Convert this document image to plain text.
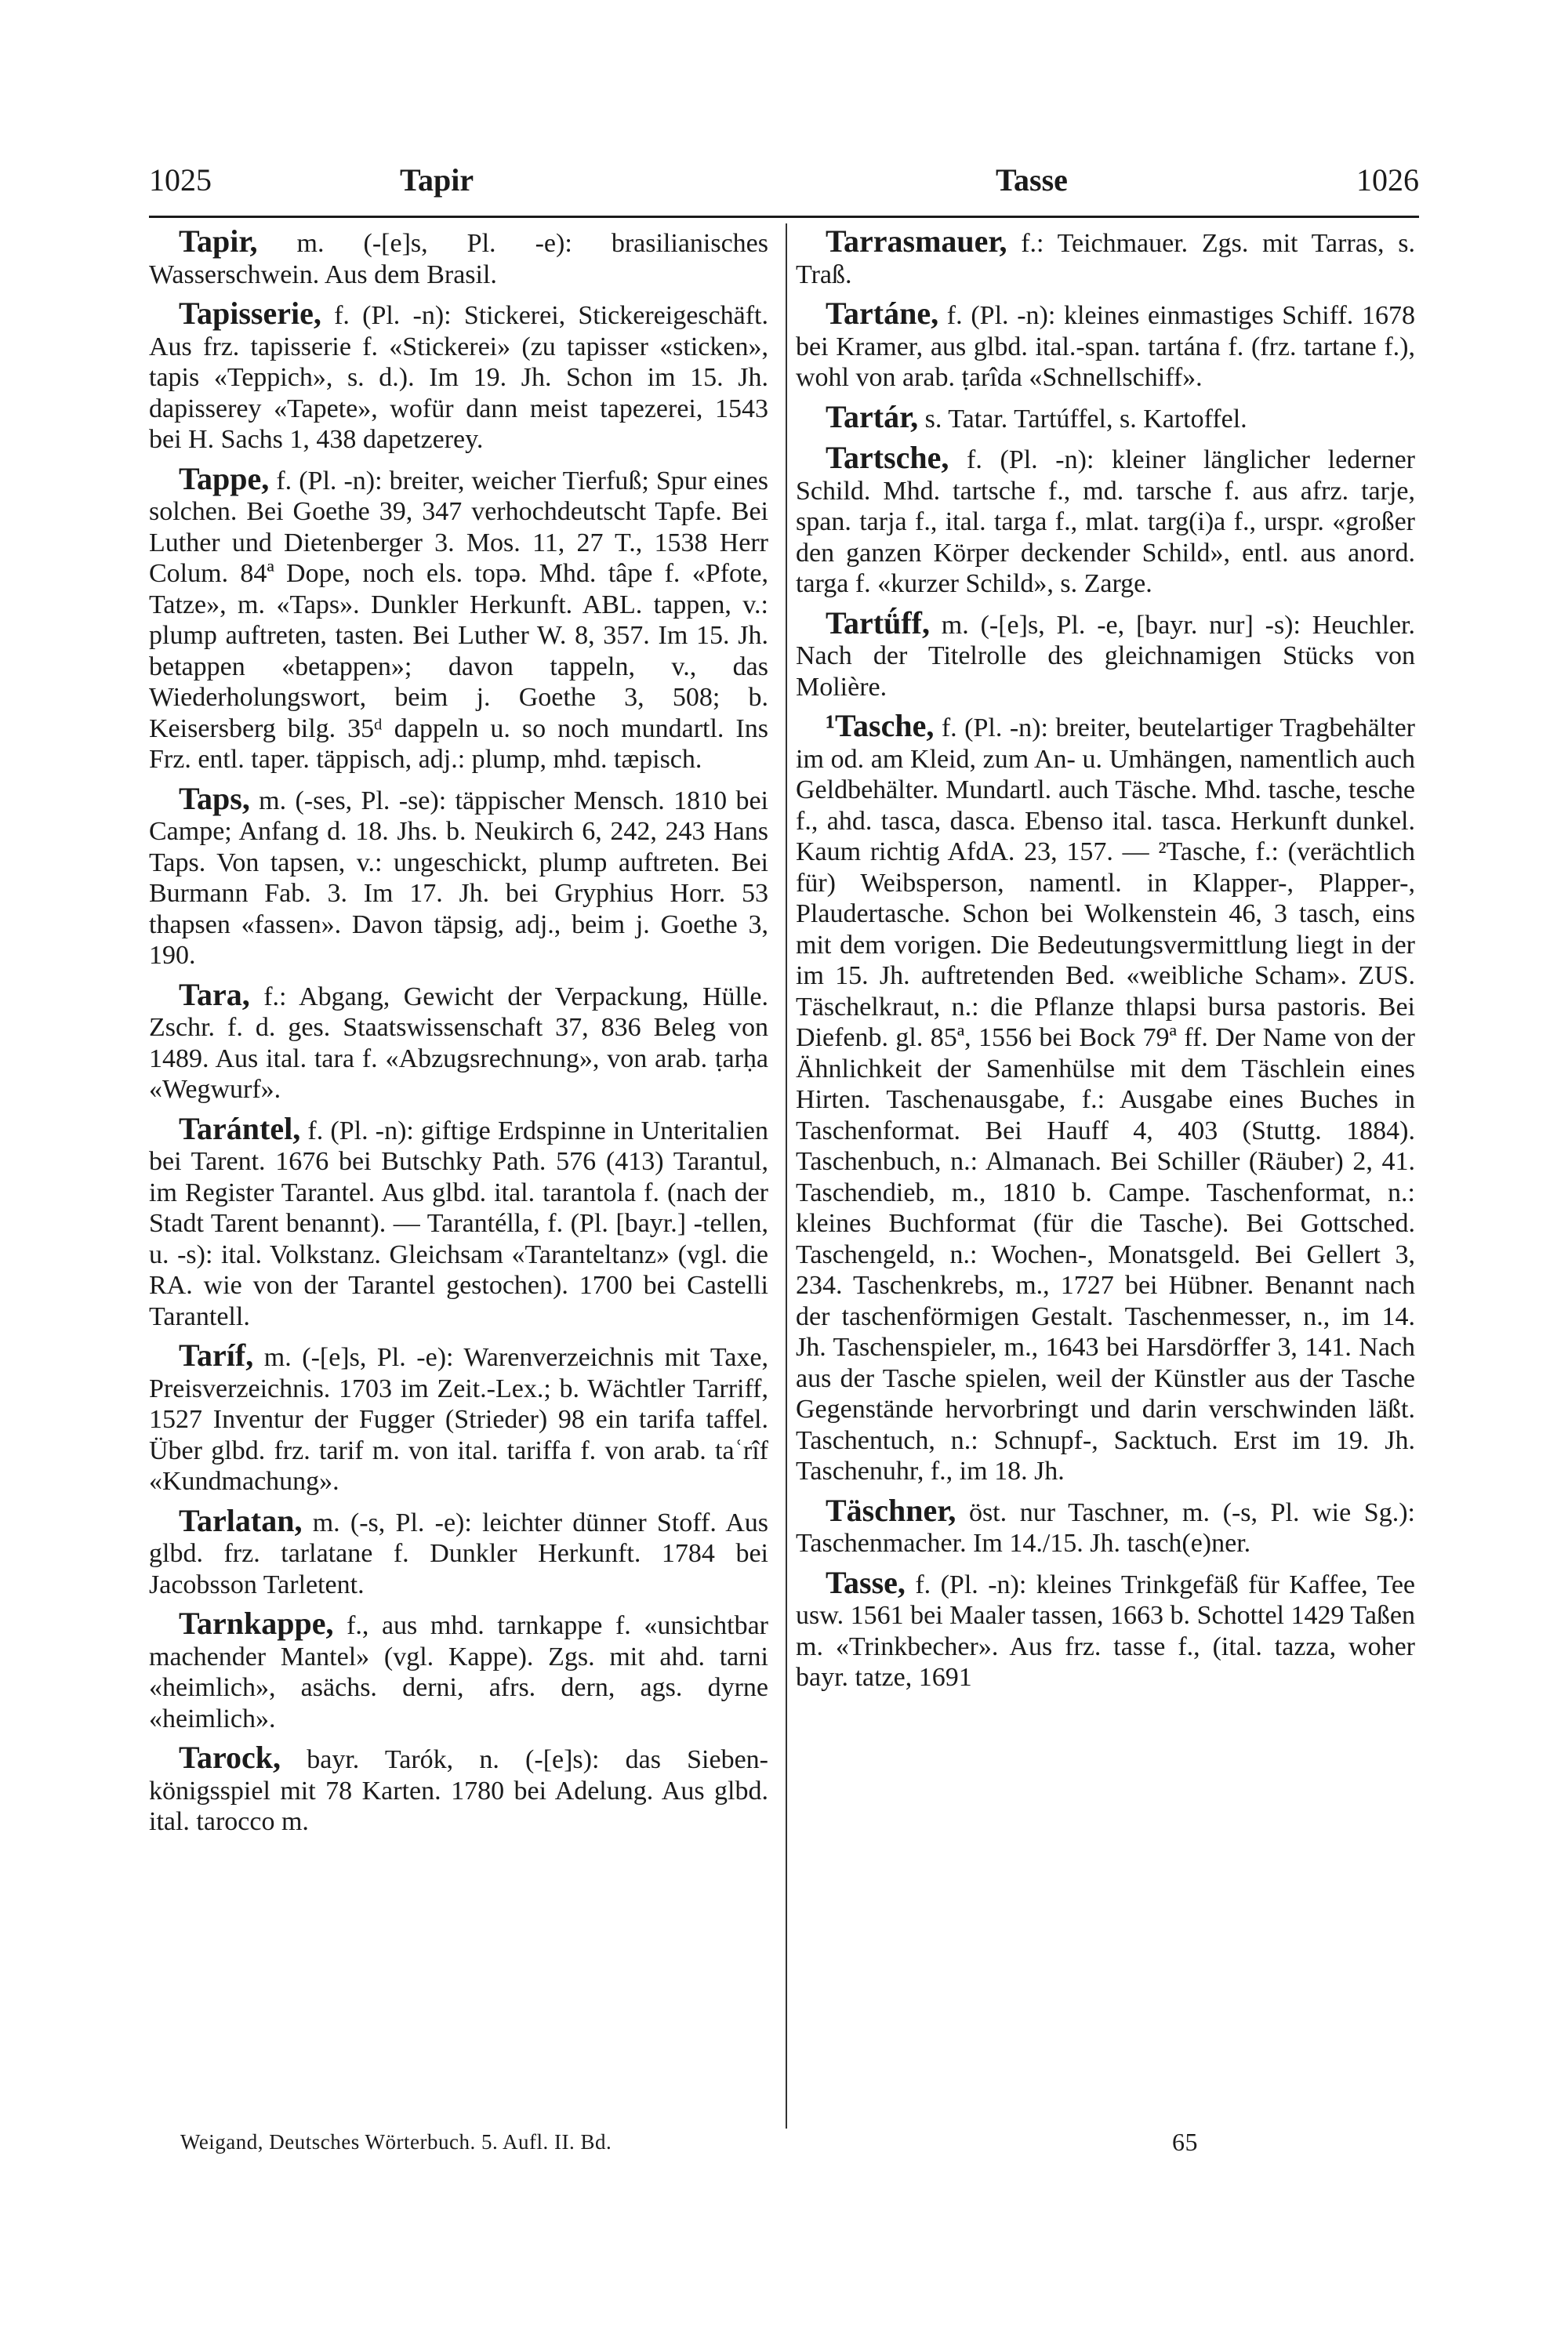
1025	Tapir	Tasse	1026

Tapir, m. (-[e]s, Pl. -e): brasilianisches Wasserschwein. Aus dem Brasil.

Tapisserie, f. (Pl. -n): Stickerei, Stickereigeschäft. Aus frz. tapisserie f. «Stickerei» (zu tapisser «sticken», tapis «Teppich», s. d.). Im 19. Jh. Schon im 15. Jh. dapisserey «Tapete», wofür dann meist tapezerei, 1543 bei H. Sachs 1, 438 dapetzerey.

Tappe, f. (Pl. -n): breiter, weicher Tierfuß; Spur eines solchen. Bei Goethe 39, 347 verhochdeutscht Tapfe. Bei Luther und Dietenberger 3. Mos. 11, 27 T., 1538 Herr Colum. 84ª Dope, noch els. topə. Mhd. tâpe f. «Pfote, Tatze», m. «Taps». Dunkler Herkunft. ABL. tappen, v.: plump auftreten, tasten. Bei Luther W. 8, 357. Im 15. Jh. betappen «betappen»; davon tappeln, v., das Wiederholungswort, beim j. Goethe 3, 508; b. Keisersberg bilg. 35ᵈ dappeln u. so noch mundartl. Ins Frz. entl. taper. täppisch, adj.: plump, mhd. tæpisch.

Taps, m. (-ses, Pl. -se): täppischer Mensch. 1810 bei Campe; Anfang d. 18. Jhs. b. Neukirch 6, 242, 243 Hans Taps. Von tapsen, v.: ungeschickt, plump auftreten. Bei Burmann Fab. 3. Im 17. Jh. bei Gryphius Horr. 53 thapsen «fassen». Davon täpsig, adj., beim j. Goethe 3, 190.

Tara, f.: Abgang, Gewicht der Verpackung, Hülle. Zschr. f. d. ges. Staatswissenschaft 37, 836 Beleg von 1489. Aus ital. tara f. «Abzugsrechnung», von arab. ṭarḥa «Wegwurf».

Tarántel, f. (Pl. -n): giftige Erdspinne in Unteritalien bei Tarent. 1676 bei Butschky Path. 576 (413) Tarantul, im Register Tarantel. Aus glbd. ital. tarantola f. (nach der Stadt Tarent benannt). — Tarantélla, f. (Pl. [bayr.] -tellen, u. -s): ital. Volkstanz. Gleichsam «Taranteltanz» (vgl. die RA. wie von der Tarantel gestochen). 1700 bei Castelli Tarantell.

Taríf, m. (-[e]s, Pl. -e): Warenverzeichnis mit Taxe, Preisverzeichnis. 1703 im Zeit.-Lex.; b. Wächtler Tarriff, 1527 Inventur der Fugger (Strieder) 98 ein tarifa taffel. Über glbd. frz. tarif m. von ital. tariffa f. von arab. taʿrîf «Kundmachung».

Tarlatan, m. (-s, Pl. -e): leichter dünner Stoff. Aus glbd. frz. tarlatane f. Dunkler Herkunft. 1784 bei Jacobsson Tarletent.

Tarnkappe, f., aus mhd. tarnkappe f. «unsichtbar machender Mantel» (vgl. Kappe). Zgs. mit ahd. tarni «heimlich», asächs. derni, afrs. dern, ags. dyrne «heimlich».

Tarock, bayr. Tarók, n. (-[e]s): das Sieben-königsspiel mit 78 Karten. 1780 bei Adelung. Aus glbd. ital. tarocco m.

Tarrasmauer, f.: Teichmauer. Zgs. mit Tarras, s. Traß.

Tartáne, f. (Pl. -n): kleines einmastiges Schiff. 1678 bei Kramer, aus glbd. ital.-span. tartána f. (frz. tartane f.), wohl von arab. ṭarîda «Schnellschiff».

Tartár, s. Tatar. Tartúffel, s. Kartoffel.

Tartsche, f. (Pl. -n): kleiner länglicher lederner Schild. Mhd. tartsche f., md. tarsche f. aus afrz. tarje, span. tarja f., ital. targa f., mlat. targ(i)a f., urspr. «großer den ganzen Körper deckender Schild», entl. aus anord. targa f. «kurzer Schild», s. Zarge.

Tartǘff, m. (-[e]s, Pl. -e, [bayr. nur] -s): Heuchler. Nach der Titelrolle des gleichnamigen Stücks von Molière.

¹Tasche, f. (Pl. -n): breiter, beutelartiger Tragbehälter im od. am Kleid, zum An- u. Umhängen, namentlich auch Geldbehälter. Mundartl. auch Täsche. Mhd. tasche, tesche f., ahd. tasca, dasca. Ebenso ital. tasca. Herkunft dunkel. Kaum richtig AfdA. 23, 157. — ²Tasche, f.: (verächtlich für) Weibsperson, namentl. in Klapper-, Plapper-, Plaudertasche. Schon bei Wolkenstein 46, 3 tasch, eins mit dem vorigen. Die Bedeutungsvermittlung liegt in der im 15. Jh. auftretenden Bed. «weibliche Scham». ZUS. Täschelkraut, n.: die Pflanze thlapsi bursa pastoris. Bei Diefenb. gl. 85ª, 1556 bei Bock 79ª ff. Der Name von der Ähnlichkeit der Samenhülse mit dem Täschlein eines Hirten. Taschenausgabe, f.: Ausgabe eines Buches in Taschenformat. Bei Hauff 4, 403 (Stuttg. 1884). Taschenbuch, n.: Almanach. Bei Schiller (Räuber) 2, 41. Taschendieb, m., 1810 b. Campe. Taschenformat, n.: kleines Buchformat (für die Tasche). Bei Gottsched. Taschengeld, n.: Wochen-, Monatsgeld. Bei Gellert 3, 234. Taschenkrebs, m., 1727 bei Hübner. Benannt nach der taschenförmigen Gestalt. Taschenmesser, n., im 14. Jh. Taschenspieler, m., 1643 bei Harsdörffer 3, 141. Nach aus der Tasche spielen, weil der Künstler aus der Tasche Gegenstände hervorbringt und darin verschwinden läßt. Taschentuch, n.: Schnupf-, Sacktuch. Erst im 19. Jh. Taschenuhr, f., im 18. Jh.

Täschner, öst. nur Taschner, m. (-s, Pl. wie Sg.): Taschenmacher. Im 14./15. Jh. tasch(e)ner.

Tasse, f. (Pl. -n): kleines Trinkgefäß für Kaffee, Tee usw. 1561 bei Maaler tassen, 1663 b. Schottel 1429 Taßen m. «Trinkbecher». Aus frz. tasse f., (ital. tazza, woher bayr. tatze, 1691

Weigand, Deutsches Wörterbuch. 5. Aufl. II. Bd.	65
